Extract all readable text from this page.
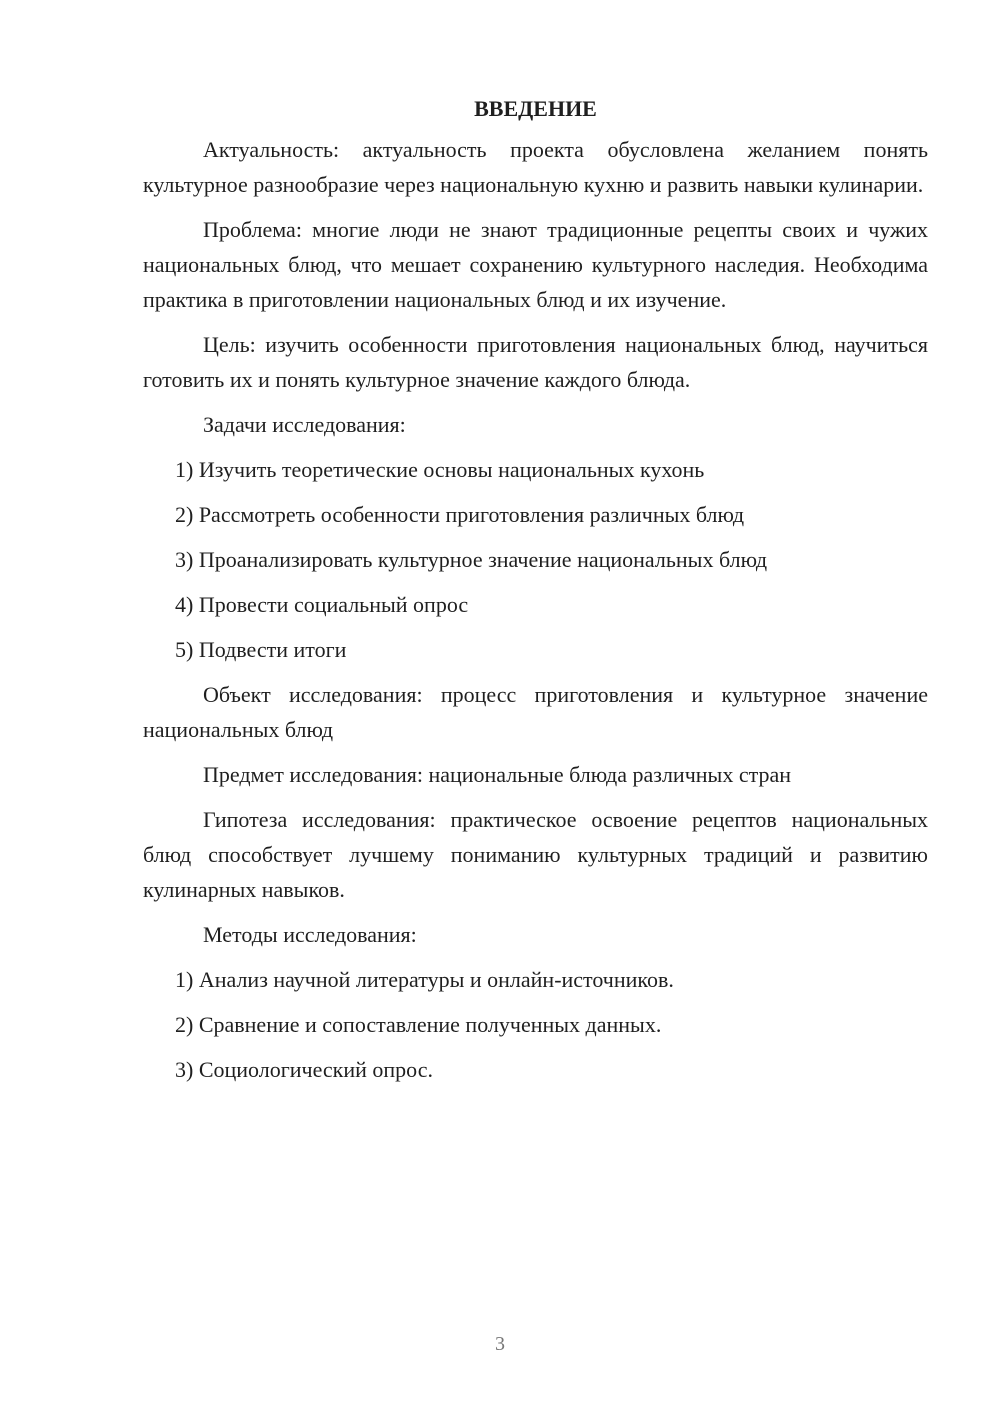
ВВЕДЕНИЕ

Актуальность: актуальность проекта обусловлена желанием понять культурное разнообразие через национальную кухню и развить навыки кулинарии.

Проблема: многие люди не знают традиционные рецепты своих и чужих национальных блюд, что мешает сохранению культурного наследия. Необходима практика в приготовлении национальных блюд и их изучение.

Цель: изучить особенности приготовления национальных блюд, научиться готовить их и понять культурное значение каждого блюда.

Задачи исследования:

1) Изучить теоретические основы национальных кухонь

2) Рассмотреть особенности приготовления различных блюд

3) Проанализировать культурное значение национальных блюд

4) Провести социальный опрос

5) Подвести итоги

Объект исследования: процесс приготовления и культурное значение национальных блюд

Предмет исследования: национальные блюда различных стран

Гипотеза исследования: практическое освоение рецептов национальных блюд способствует лучшему пониманию культурных традиций и развитию кулинарных навыков.

Методы исследования:

1) Анализ научной литературы и онлайн-источников.

2) Сравнение и сопоставление полученных данных.

3) Социологический опрос.

3
